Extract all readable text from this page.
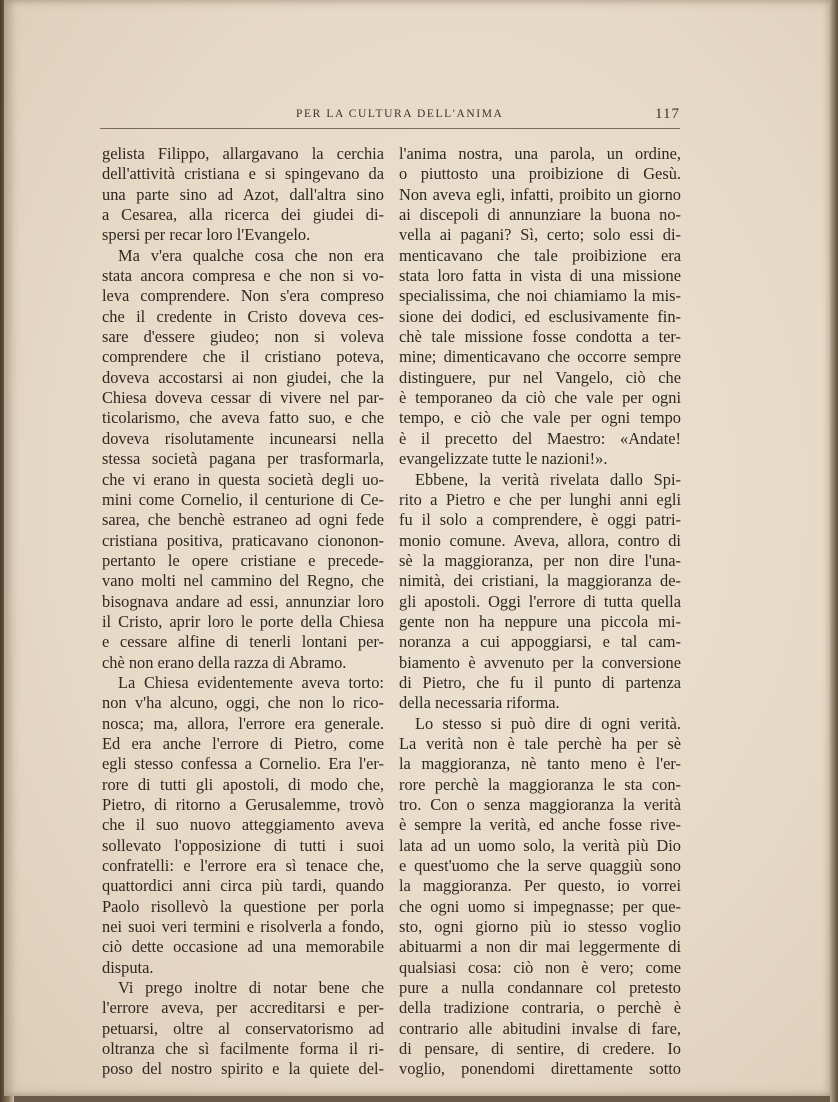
PER LA CULTURA DELL'ANIMA	117
gelista Filippo, allargavano la cerchia
dell'attività cristiana e si spingevano da
una parte sino ad Azot, dall'altra sino
a Cesarea, alla ricerca dei giudei di-
spersi per recar loro l'Evangelo.
Ma v'era qualche cosa che non era
stata ancora compresa e che non si vo-
leva comprendere. Non s'era compreso
che il credente in Cristo doveva ces-
sare d'essere giudeo; non si voleva
comprendere che il cristiano poteva,
doveva accostarsi ai non giudei, che la
Chiesa doveva cessar di vivere nel par-
ticolarismo, che aveva fatto suo, e che
doveva risolutamente incunearsi nella
stessa società pagana per trasformarla,
che vi erano in questa società degli uo-
mini come Cornelio, il centurione di Ce-
sarea, che benchè estraneo ad ogni fede
cristiana positiva, praticavano ciononon-
pertanto le opere cristiane e precede-
vano molti nel cammino del Regno, che
bisognava andare ad essi, annunziar loro
il Cristo, aprir loro le porte della Chiesa
e cessare alfine di tenerli lontani per-
chè non erano della razza di Abramo.
La Chiesa evidentemente aveva torto:
non v'ha alcuno, oggi, che non lo rico-
nosca; ma, allora, l'errore era generale.
Ed era anche l'errore di Pietro, come
egli stesso confessa a Cornelio. Era l'er-
rore di tutti gli apostoli, di modo che,
Pietro, di ritorno a Gerusalemme, trovò
che il suo nuovo atteggiamento aveva
sollevato l'opposizione di tutti i suoi
confratelli: e l'errore era sì tenace che,
quattordici anni circa più tardi, quando
Paolo risollevò la questione per porla
nei suoi veri termini e risolverla a fondo,
ciò dette occasione ad una memorabile
disputa.
Vi prego inoltre di notar bene che
l'errore aveva, per accreditarsi e per-
petuarsi, oltre al conservatorismo ad
oltranza che sì facilmente forma il ri-
poso del nostro spirito e la quiete del-
l'anima nostra, una parola, un ordine,
o piuttosto una proibizione di Gesù.
Non aveva egli, infatti, proibito un giorno
ai discepoli di annunziare la buona no-
vella ai pagani? Sì, certo; solo essi di-
menticavano che tale proibizione era
stata loro fatta in vista di una missione
specialissima, che noi chiamiamo la mis-
sione dei dodici, ed esclusivamente fin-
chè tale missione fosse condotta a ter-
mine; dimenticavano che occorre sempre
distinguere, pur nel Vangelo, ciò che
è temporaneo da ciò che vale per ogni
tempo, e ciò che vale per ogni tempo
è il precetto del Maestro: «Andate!
evangelizzate tutte le nazioni!».
Ebbene, la verità rivelata dallo Spi-
rito a Pietro e che per lunghi anni egli
fu il solo a comprendere, è oggi patri-
monio comune. Aveva, allora, contro di
sè la maggioranza, per non dire l'una-
nimità, dei cristiani, la maggioranza de-
gli apostoli. Oggi l'errore di tutta quella
gente non ha neppure una piccola mi-
noranza a cui appoggiarsi, e tal cam-
biamento è avvenuto per la conversione
di Pietro, che fu il punto di partenza
della necessaria riforma.
Lo stesso si può dire di ogni verità.
La verità non è tale perchè ha per sè
la maggioranza, nè tanto meno è l'er-
rore perchè la maggioranza le sta con-
tro. Con o senza maggioranza la verità
è sempre la verità, ed anche fosse rive-
lata ad un uomo solo, la verità più Dio
e quest'uomo che la serve quaggiù sono
la maggioranza. Per questo, io vorrei
che ogni uomo si impegnasse; per que-
sto, ogni giorno più io stesso voglio
abituarmi a non dir mai leggermente di
qualsiasi cosa: ciò non è vero; come
pure a nulla condannare col pretesto
della tradizione contraria, o perchè è
contrario alle abitudini invalse di fare,
di pensare, di sentire, di credere. Io
voglio, ponendomi direttamente sotto
